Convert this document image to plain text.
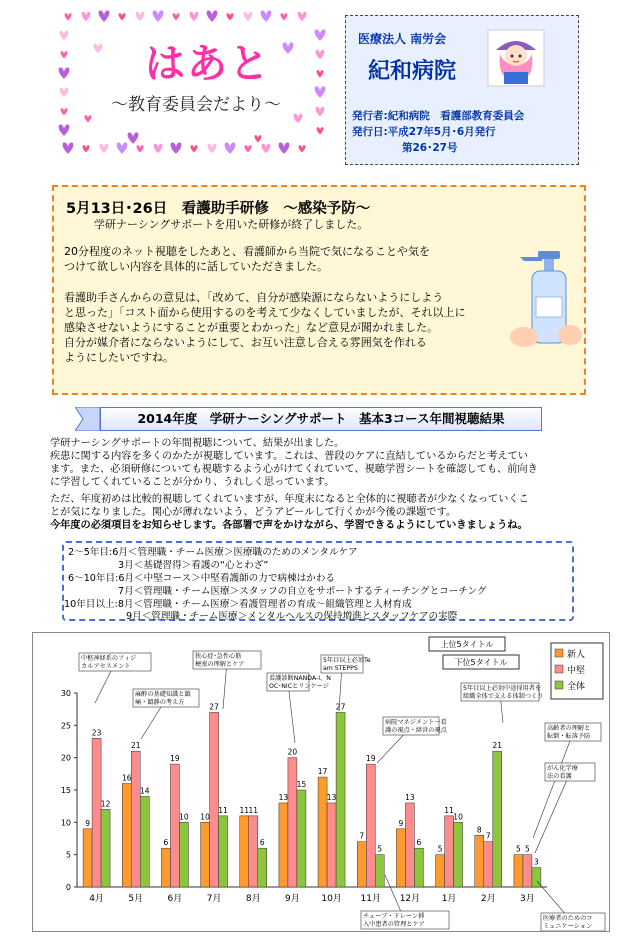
はあと
〜教育委員会だより〜
医療法人 南労会
紀和病院
発行者:紀和病院　看護部教育委員会
発行日:平成27年5月･6月発行
第26･27号
5月13日･26日　看護助手研修　〜感染予防〜
学研ナーシングサポートを用いた研修が終了しました。
20分程度のネット視聴をしたあと、看護師から当院で気になることや気を
つけて欲しい内容を具体的に話していただきました。
看護助手さんからの意見は、｢改めて、自分が感染源にならないようにしよう
と思った｣「コスト面から使用するのを考えて少なくしていましたが、それ以上に
感染させないようにすることが重要とわかった」など意見が聞かれました。
自分が媒介者にならないようにして、お互い注意し合える雰囲気を作れる
ようにしたいですね。
2014年度　学研ナーシングサポート　基本3コース年間視聴結果
学研ナーシングサポートの年間視聴について、結果が出ました。
疾患に関する内容を多くのかたが視聴しています。これは、普段のケアに直結しているからだと考えてい
ます。また、必須研修についても視聴するよう心がけてくれていて、視聴学習シートを確認しても、前向き
に学習してくれていることが分かり、うれしく思っています。
ただ、年度初めは比較的視聴してくれていますが、年度末になると全体的に視聴者が少なくなっていくこ
とが気になりました。関心が薄れないよう、どうアピールして行くかが今後の課題です。
今年度の必須項目をお知らせします。各部署で声をかけながら、学習できるようにしていきましょうね。
2〜5年目:6月＜管理職・チーム医療＞医療職のためのメンタルケア
3月＜基礎習得＞看護の“心とわざ”
6〜10年目:6月＜中堅コース＞中堅看護師の力で病棟はかわる
7月＜管理職・チーム医療＞スタッフの自立をサポートするティーチングとコーチング
10年目以上:8月＜管理職・チーム医療＞看護管理者の育成〜組織管理と人材育成
9月＜管理職・チーム医療＞メンタルヘルスの保持増進とスタッフケアの実際
0
5
10
15
20
25
30
9
23
12
4月
16
21
14
5月
6
19
10
6月
10
27
11
7月
11 11
6
8月
13
20
15
9月
17
13
27
10月
7
19
5
11月
9
13
6
12月
5
11
10
1月
8
7
21
2月
5 5
3
3月
新人
中堅
全体
上位5タイトル
下位5タイトル
中枢神経系のフィジ
カルアセスメント
麻酔の基礎知識と鎮
痛・鎮静の考え方
狭心症･急性心筋
梗塞の理解とケア
看護診断NANDA-I、N
OC･NICとリンケージ
5年目以上必須Te
am STEPPS
病院マネジメント〜看
護の視点・経営の視点
5年目以上必須中途採用者を
組織全体で支える体制つくり
高齢者の理解と
転倒・転落予防
がん化学療
法の看護
チューブ・ドレーン挿
入中患者の管理とケア
医療者のためのコ
ミュニケーション
